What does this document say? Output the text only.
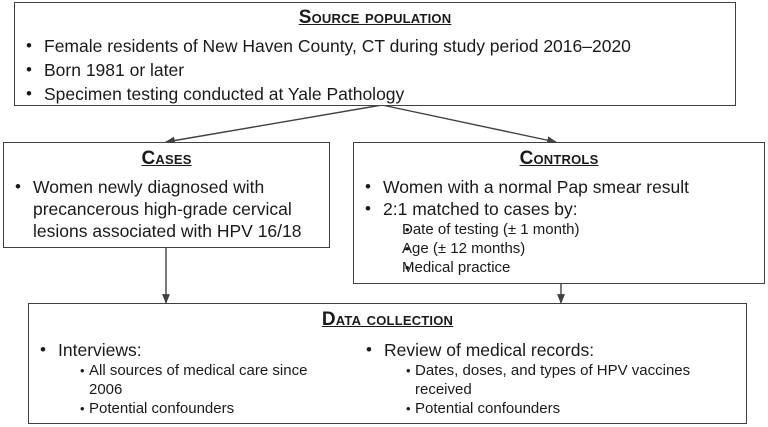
Source population
• Female residents of New Haven County, CT during study period 2016–2020
• Born 1981 or later
• Specimen testing conducted at Yale Pathology
Cases
• Women newly diagnosed with precancerous high-grade cervical lesions associated with HPV 16/18
Controls
• Women with a normal Pap smear result
• 2:1 matched to cases by:
• Date of testing (± 1 month)
• Age (± 12 months)
• Medical practice
Data collection
• Interviews:
• All sources of medical care since 2006
• Potential confounders
• Review of medical records:
• Dates, doses, and types of HPV vaccines received
• Potential confounders
